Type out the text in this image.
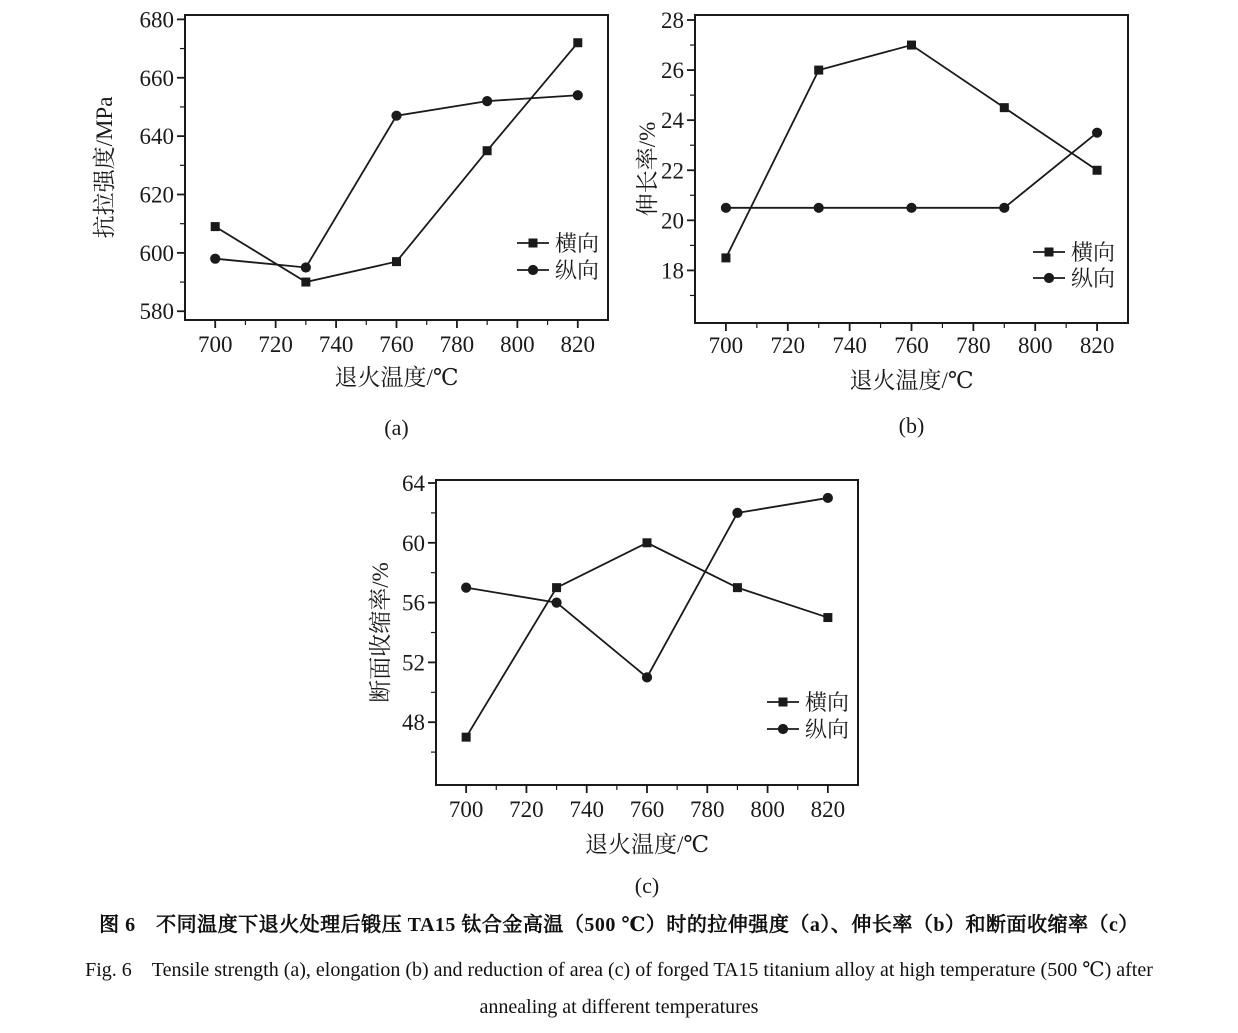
700 720 740 760 780 800 820
580
600
620
640
660
680
横向
纵向
退火温度/℃
抗拉强度/MPa
(a)
700 720 740 760 780 800 820
18
20
22
24
26
28
横向
纵向
退火温度/℃
伸长率/%
(b)
700 720 740 760 780 800 820
48
52
56
60
64
横向
纵向
退火温度/℃
断面收缩率/%
(c)
图 6　不同温度下退火处理后锻压 TA15 钛合金高温（500 ℃）时的拉伸强度（a）、伸长率（b）和断面收缩率（c）
Fig. 6　Tensile strength (a), elongation (b) and reduction of area (c) of forged TA15 titanium alloy at high temperature (500 ℃) after
annealing at different temperatures
